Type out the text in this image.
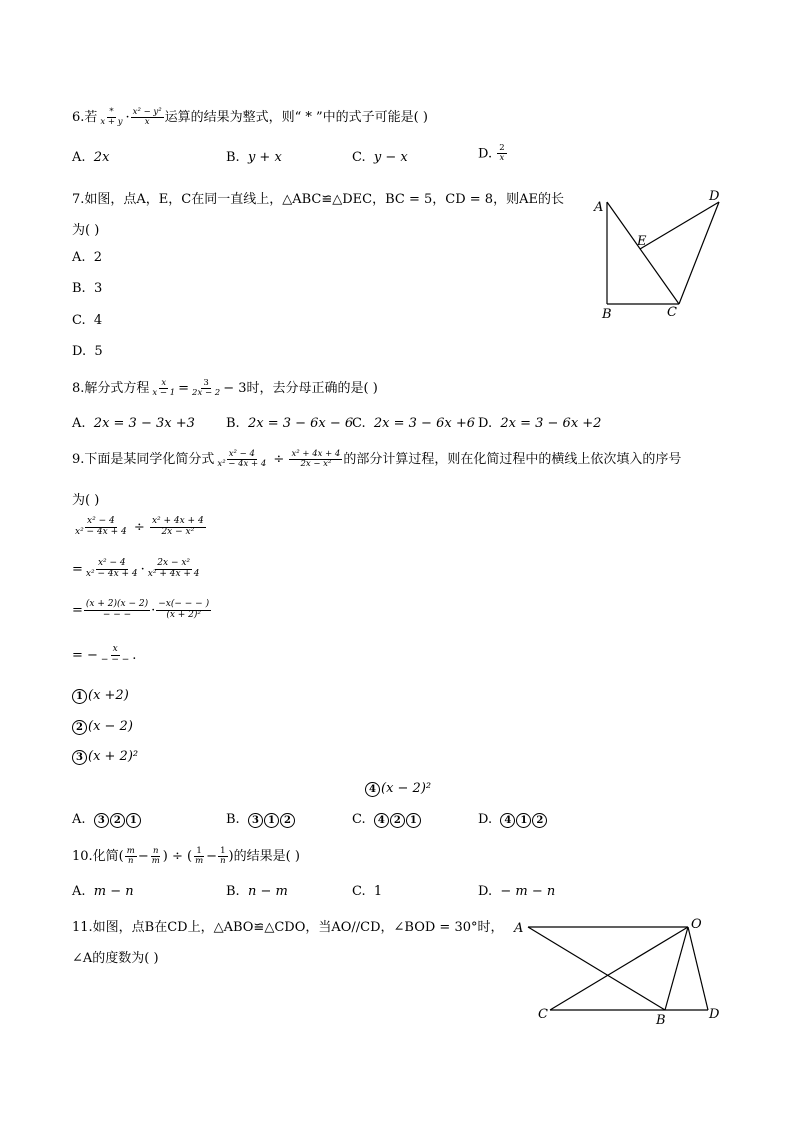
6.若 $\frac{*}{x + y} \cdot \frac{\text{x² − y²}}{x}$ 运算的结果为整式，则“ * ”中的式子可能是( )
A. 2x	B. y + x	C. y − x	D. $\frac{2}{x}$
7.如图，点A，E，C在同一直线上，△ABC≌△DEC，BC = 5，CD = 8，则AE的长
为( )
A. 2
B. 3
C. 4
D. 5
A
E
D
B	C
8.解分式方程 $\frac{x}{x - 1} = \frac{3}{2x - 2} - 3$时，去分母正确的是( )
A. 2x = 3 − 3x +3 B. 2x = 3 − 6x − 6
C. 2x = 3 − 6x +6 D. 2x = 3 − 6x +2
9.下面是某同学化简分式 $\frac{\text{x² − 4}}{\text{x² − 4x + 4}} \div \frac{\text{x² + 4x + 4}}{\text{2x − x²}}$ 的部分计算过程，则在化简过程中的横线上依次填入的序号
为( )
$\frac{\text{x² − 4}}{\text{x² − 4x + 4}} \div \frac{\text{x² + 4x + 4}}{\text{2x − x²}}$
= $\frac{\text{x² − 4}}{\text{x² − 4x + 4}} \cdot \frac{\text{2x − x²}}{\text{x² + 4x + 4}}$
= $\frac{(x + 2)(x - 2)}{- - -} \cdot \frac{-x(- - - )}{\text{(x + 2)²}}$
= − $\frac{x}{- - -}$ .
1 (x +2)
2 (x − 2)
3 (x + 2)²
4 (x − 2)²
A. 3 2 1	B. 3 1 2	C. 4 2 1	D. 4 1 2
10.化简( $\frac{m}{n} - \frac{n}{m}$ ) ÷ ( $\frac{1}{m} - \frac{1}{n}$ )的结果是( )
A. m − n	B. n − m	C. 1	D. − m − n
11.如图，点B在CD上，△ABO≌△CDO，当AO//CD，∠BOD = 30°时，
∠A的度数为( )
A	O
C	B	D
